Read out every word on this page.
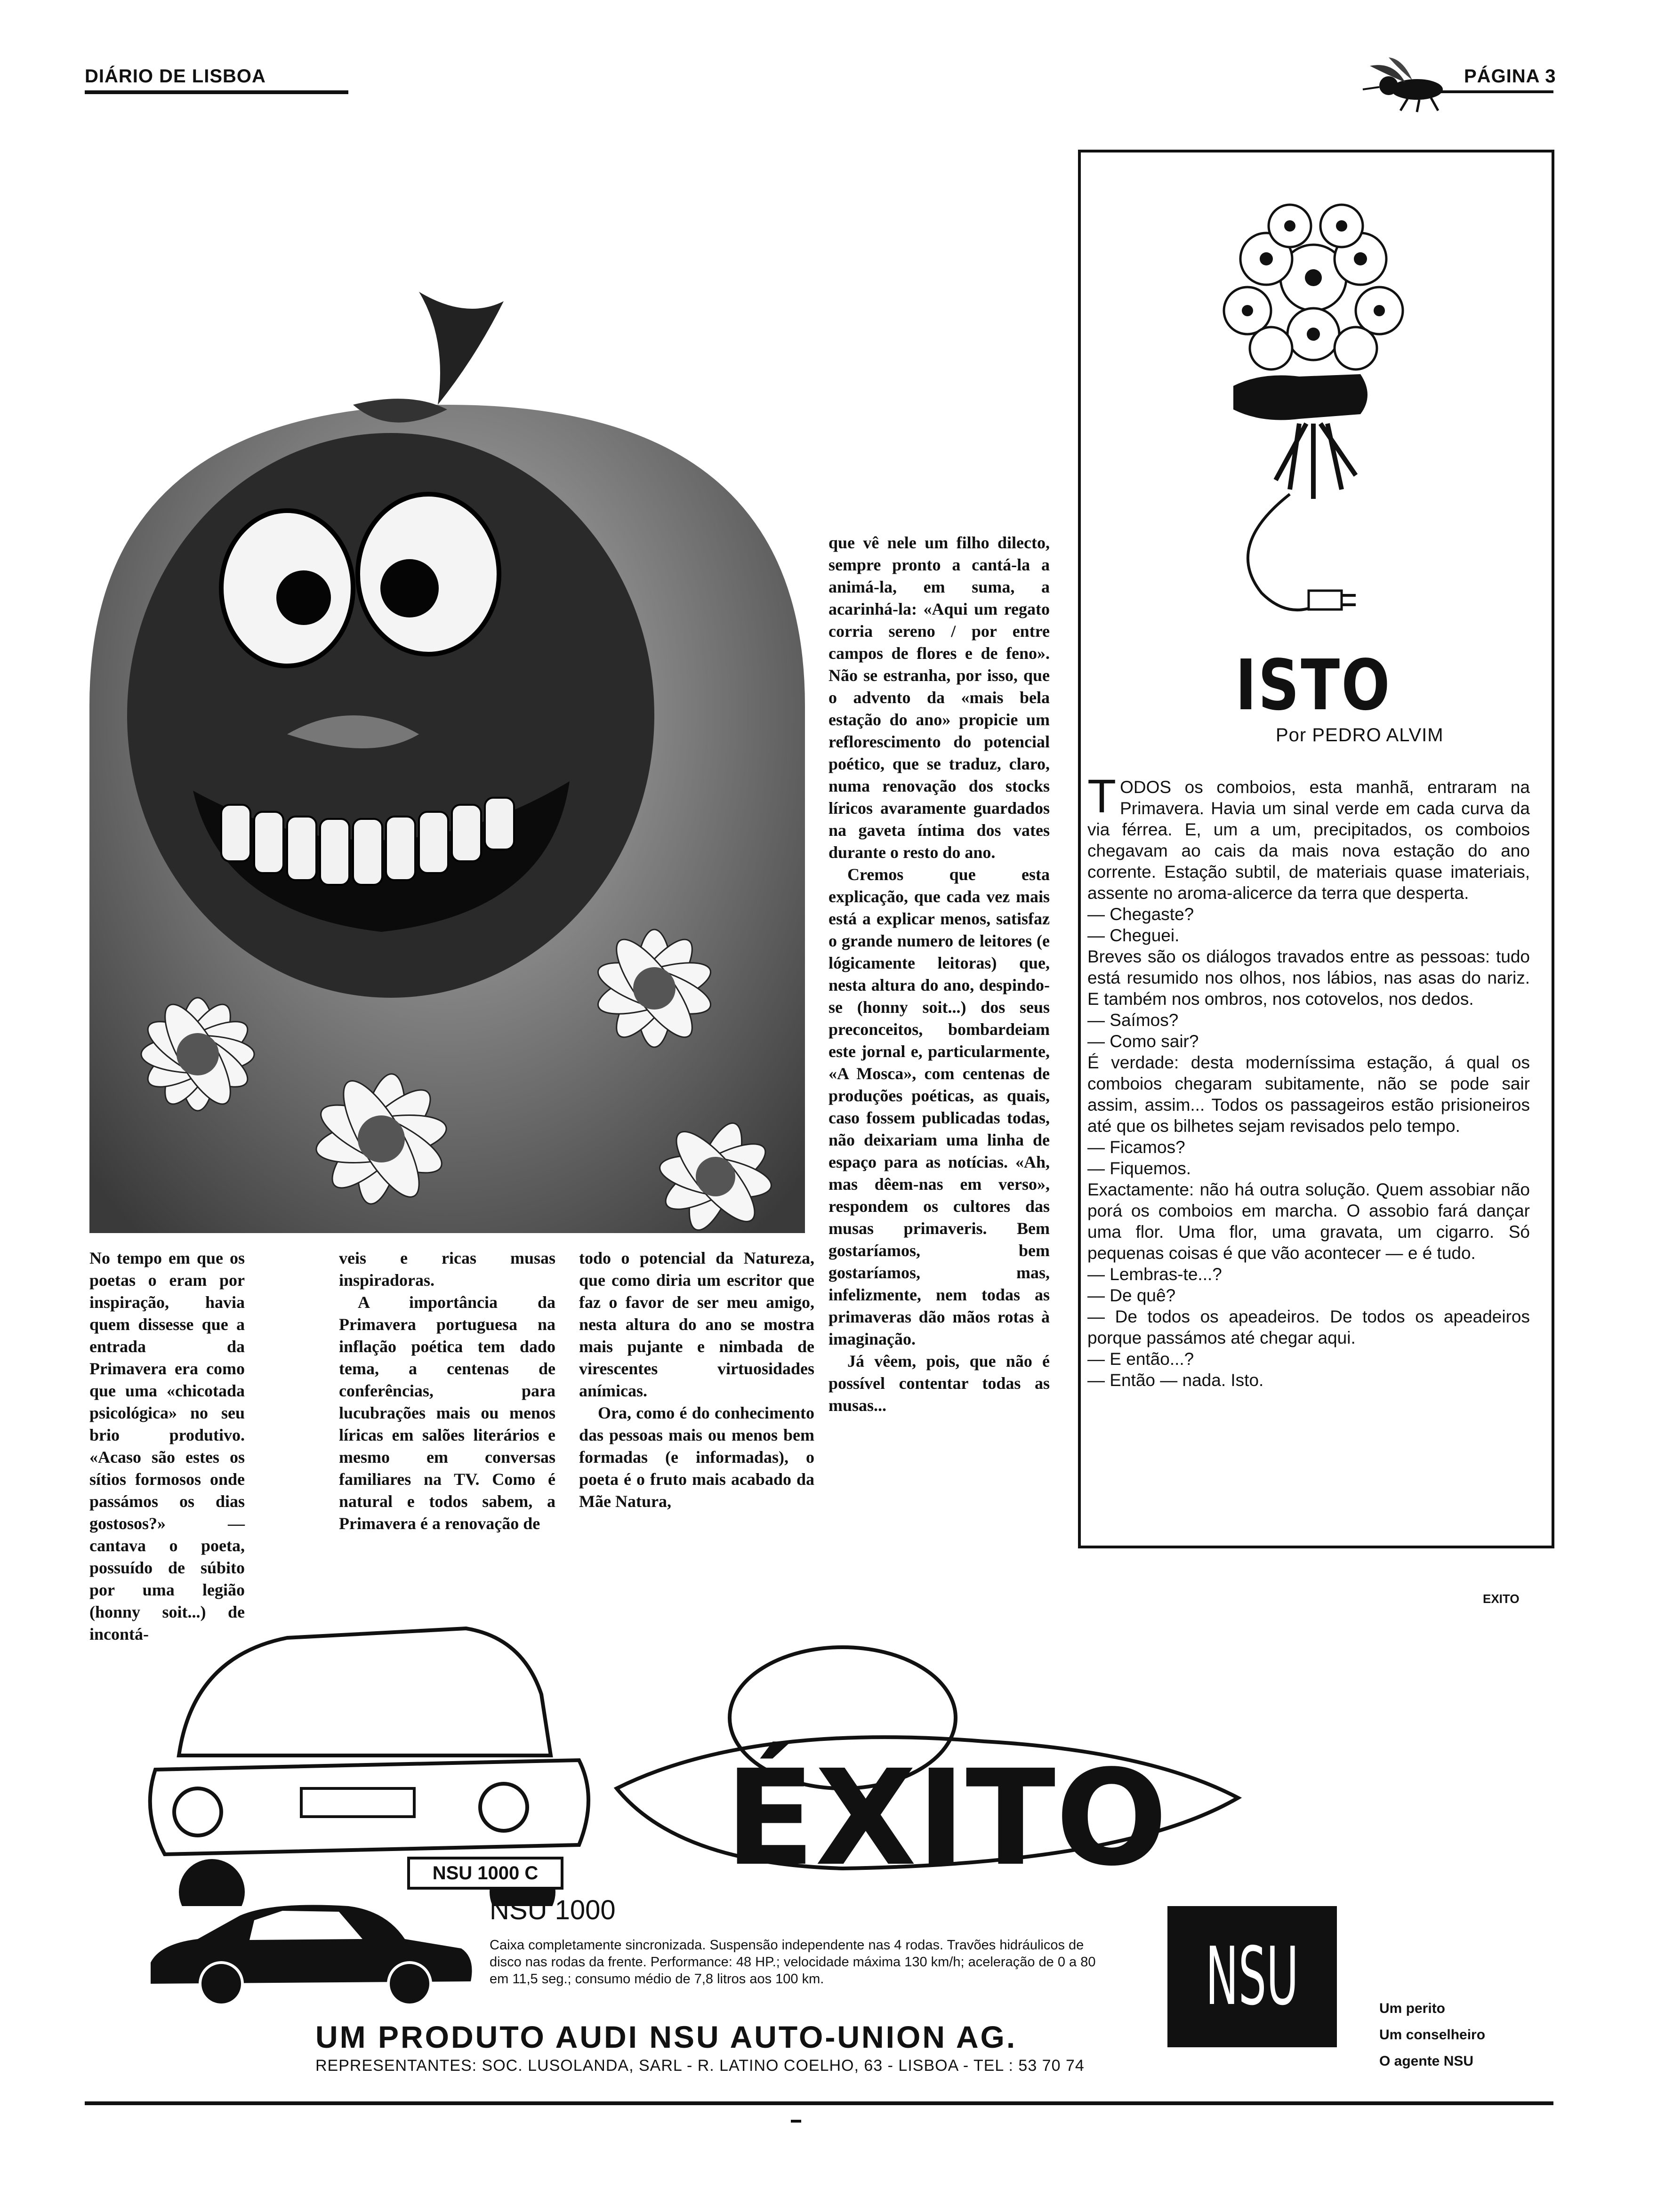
DIÁRIO DE LISBOA	PÁGINA 3

No tempo em que os poetas o eram por inspiração, havia quem dissesse que a entrada da Primavera era como que uma «chicotada psicológica» no seu brio produtivo. «Acaso são estes os sítios formosos onde passámos os dias gostosos?» — cantava o poeta, possuído de súbito por uma legião (honny soit...) de incontá-

veis e ricas musas inspiradoras.

A importância da Primavera portuguesa na inflação poética tem dado tema, a centenas de conferências, para lucubrações mais ou menos líricas em salões literários e mesmo em conversas familiares na TV. Como é natural e todos sabem, a Primavera é a renovação de

todo o potencial da Natureza, que como diria um escritor que faz o favor de ser meu amigo, nesta altura do ano se mostra mais pujante e nimbada de virescentes virtuosidades anímicas.

Ora, como é do conhecimento das pessoas mais ou menos bem formadas (e informadas), o poeta é o fruto mais acabado da Mãe Natura,

que vê nele um filho dilecto, sempre pronto a cantá-la a animá-la, em suma, a acarinhá-la: «Aqui um regato corria sereno / por entre campos de flores e de feno». Não se estranha, por isso, que o advento da «mais bela estação do ano» propicie um reflorescimento do potencial poético, que se traduz, claro, numa renovação dos stocks líricos avaramente guardados na gaveta íntima dos vates durante o resto do ano.

Cremos que esta explicação, que cada vez mais está a explicar menos, satisfaz o grande numero de leitores (e lógicamente leitoras) que, nesta altura do ano, despindo-se (honny soit...) dos seus preconceitos, bombardeiam este jornal e, particularmente, «A Mosca», com centenas de produções poéticas, as quais, caso fossem publicadas todas, não deixariam uma linha de espaço para as notícias. «Ah, mas dêem-nas em verso», respondem os cultores das musas primaveris. Bem gostaríamos, bem gostaríamos, mas, infelizmente, nem todas as primaveras dão mãos rotas à imaginação.

Já vêem, pois, que não é possível contentar todas as musas...

ISTO
Por PEDRO ALVIM

TODOS os comboios, esta manhã, entraram na Primavera. Havia um sinal verde em cada curva da via férrea. E, um a um, precipitados, os comboios chegavam ao cais da mais nova estação do ano corrente. Estação subtil, de materiais quase imateriais, assente no aroma-alicerce da terra que desperta.

— Chegaste?

— Cheguei.

Breves são os diálogos travados entre as pessoas: tudo está resumido nos olhos, nos lábios, nas asas do nariz. E também nos ombros, nos cotovelos, nos dedos.

— Saímos?

— Como sair?

É verdade: desta moderníssima estação, á qual os comboios chegaram subitamente, não se pode sair assim, assim... Todos os passageiros estão prisioneiros até que os bilhetes sejam revisados pelo tempo.

— Ficamos?

— Fiquemos.

Exactamente: não há outra solução. Quem assobiar não porá os comboios em marcha. O assobio fará dançar uma flor. Uma flor, uma gravata, um cigarro. Só pequenas coisas é que vão acontecer — e é tudo.

— Lembras-te...?

— De quê?

— De todos os apeadeiros. De todos os apeadeiros porque passámos até chegar aqui.

— E então...?

— Então — nada. Isto.

EXITO
ÉXITO
NSU 1000 C
NSU 1000
Caixa completamente sincronizada. Suspensão independente nas 4 rodas. Travões hidráulicos de disco nas rodas da frente. Performance: 48 HP.; velocidade máxima 130 km/h; aceleração de 0 a 80 em 11,5 seg.; consumo médio de 7,8 litros aos 100 km.	NSU	Um perito
Um conselheiro
O agente NSU
UM PRODUTO AUDI NSU AUTO-UNION AG.
REPRESENTANTES: SOC. LUSOLANDA, SARL - R. LATINO COELHO, 63 - LISBOA - TEL : 53 70 74
